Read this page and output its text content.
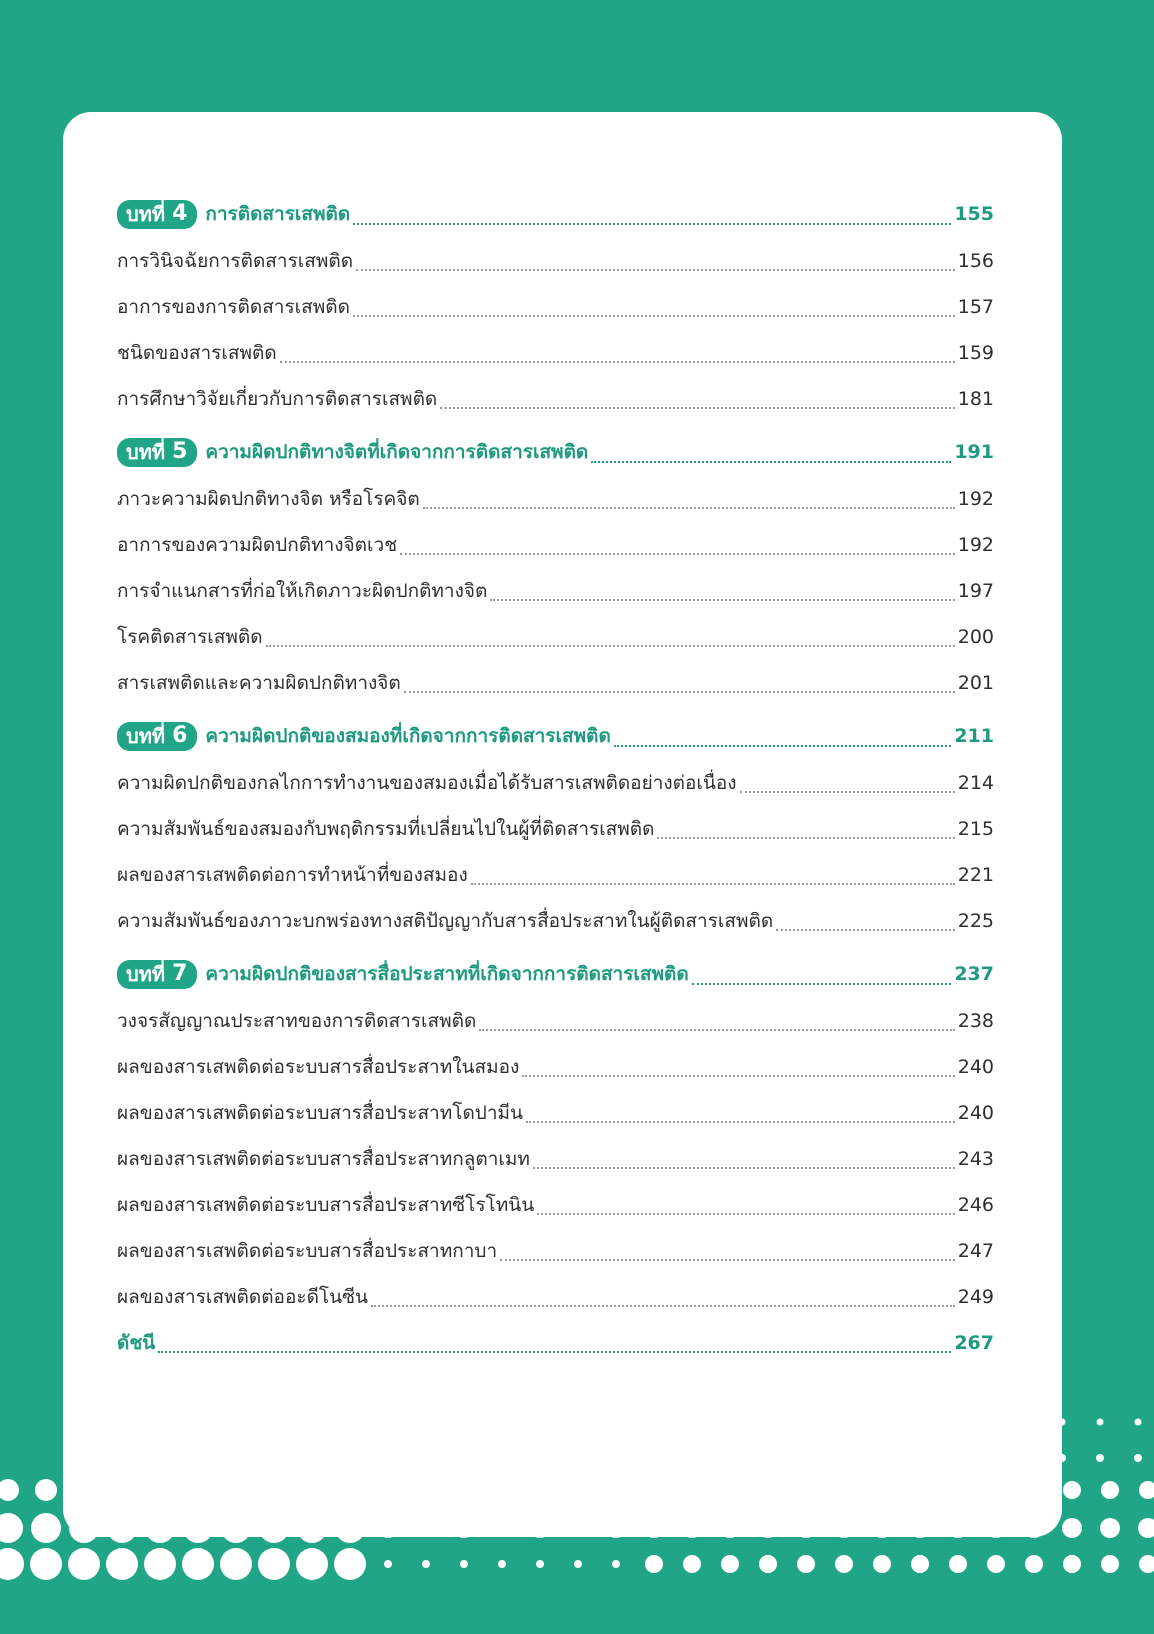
บทที่ 4 การติดสารเสพติด	155
การวินิจฉัยการติดสารเสพติด	156
อาการของการติดสารเสพติด	157
ชนิดของสารเสพติด	159
การศึกษาวิจัยเกี่ยวกับการติดสารเสพติด	181
บทที่ 5 ความผิดปกติทางจิตที่เกิดจากการติดสารเสพติด	191
ภาวะความผิดปกติทางจิต หรือโรคจิต	192
อาการของความผิดปกติทางจิตเวช	192
การจำแนกสารที่ก่อให้เกิดภาวะผิดปกติทางจิต	197
โรคติดสารเสพติด	200
สารเสพติดและความผิดปกติทางจิต	201
บทที่ 6 ความผิดปกติของสมองที่เกิดจากการติดสารเสพติด	211
ความผิดปกติของกลไกการทำงานของสมองเมื่อได้รับสารเสพติดอย่างต่อเนื่อง	214
ความสัมพันธ์ของสมองกับพฤติกรรมที่เปลี่ยนไปในผู้ที่ติดสารเสพติด	215
ผลของสารเสพติดต่อการทำหน้าที่ของสมอง	221
ความสัมพันธ์ของภาวะบกพร่องทางสติปัญญากับสารสื่อประสาทในผู้ติดสารเสพติด	225
บทที่ 7 ความผิดปกติของสารสื่อประสาทที่เกิดจากการติดสารเสพติด	237
วงจรสัญญาณประสาทของการติดสารเสพติด	238
ผลของสารเสพติดต่อระบบสารสื่อประสาทในสมอง	240
ผลของสารเสพติดต่อระบบสารสื่อประสาทโดปามีน	240
ผลของสารเสพติดต่อระบบสารสื่อประสาทกลูตาเมท	243
ผลของสารเสพติดต่อระบบสารสื่อประสาทซีโรโทนิน	246
ผลของสารเสพติดต่อระบบสารสื่อประสาทกาบา	247
ผลของสารเสพติดต่ออะดีโนซีน	249
ดัชนี	267
